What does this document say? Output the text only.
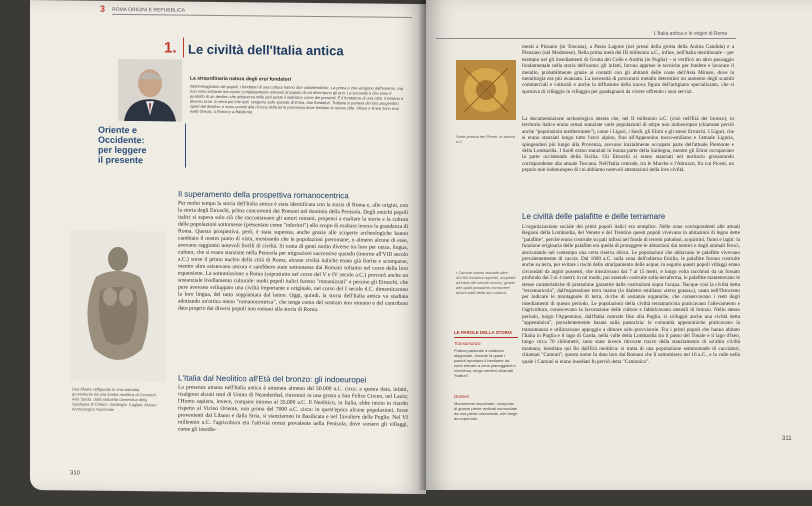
3 ROMA ORIGINI E REPUBBLICA
1. Le civiltà dell'Italia antica
La straordinaria natura degli eroi fondatori
Nell'immaginario dei popoli, i fondatori di una cultura hanno due caratteristiche. La prima è che vengono dall'esterno, ma non sono estranei ma esseri completamente estranei al popolo di cui diverranno gli eroi. La seconda è che sono il prodotto di un destino che attraversa mille peri peste il individuo come dei presenti. È il fondatore di una città, il lontano e diverso eroe. In terra più che tutti, vengono sulle sponde di Enea, due fondatori. Tuttavia si parlava dei loro progenitori, spinti dal destino, e sono uomini alla ricerca della terra promessa dove fondare la nuova città. Ulisse e Enea sono eroi, nella Grecia, a Roma e a Babilonia.
Oriente e
Occidente:
per leggere
il presente
Il superamento della prospettiva romanocentrica
Per molto tempo la storia dell'Italia antica è stata identificata con la storia di Roma e, alle origini, con la storia degli Etruschi, prima concorrenti dei Romani nel dominio della Penisola. Degli antichi popoli italici si sapeva solo ciò che raccontavano gli autori romani, propensi a esaltare la storia e la cultura delle popolazioni sottomesse (presentate come "inferiori") allo scopo di esaltare invece la grandezza di Roma. Questa prospettiva, però, è stata superata, anche grazie alle scoperte archeologiche hanno cambiato il nostro punto di vista, mostrando che le popolazioni preromane, o almeno alcune di esse, avevano raggiunto notevoli livelli di civiltà. Si tratta di genti molto diverse tra loro per razza, lingua, cultura, che si erano stanziate nella Penisola per migrazioni successive quando (intorno all'VIII secolo a.C.) sorse il primo nucleo della città di Roma, alcune civiltà italiche erano già fiorite e scomparse, mentre altre esistevano ancora e sarebbero state sottomesse dai Romani soltanto nel corso della loro espansione. La sottomissione a Roma (soprattutto nel corso del V e IV secolo a.C.) provocò anche un sostanziale livellamento culturale: molti popoli italici furono "romanizzati" e persino gli Etruschi, che pure avevano sviluppato una civiltà importante e originale, nel corso del I secolo d.C. dimenticarono la loro lingua, del tutto soppiantata dal latino. Oggi, quindi, la storia dell'Italia antica va studiata adottando un'ottica meno "romanocentrica", che tenga conto del sostrato non romano e del contributo dato proprio dai diversi popoli non romani alla storia di Roma.
Dea Madre raffigurata in una statuetta proveniente da una tomba neolitica di Cerveteri. Arte Sarda, dalla statuetta domestica della Sardegna di Cefano. Zardinghi, Cagliari, Museo Archeologico Nazionale.
L'Italia dal Neolitico all'Età del bronzo: gli indoeuropei
La presenza umana nell'Italia antica è attestata almeno dal 50.000 a.C. circa: a questa data, infatti, risalgono alcuni resti di Uomo di Neanderthal, rinvenuti in una grotta a San Felice Circeo, nel Lazio; l'Homo sapiens, invece, compare intorno al 35.000 a.C. Il Neolitico, in Italia, ebbe inizio in ritardo rispetto al Vicino Oriente, non prima del 7000 a.C. circa: in quest'epoca alcune popolazioni, forse provenienti dal Libano e dalla Siria, si stanziarono in Basilicata e nel Tavoliere delle Puglie. Nel VI millennio a.C. l'agricoltura era l'attività ormai prevalente nella Penisola, dove sorsero gli villaggi, come gli insedia-
310
L'Italia antica e le origini di Roma
menti a Pinzano (in Toscana), a Passo Lagone (nei pressi della grotta della Anima Candida) e a Pienzano (nel Modenese). Nella prima metà del III millennio a.C., infine, nell'Italia meridionale – per esempio nei gli insediamenti di Grotta del Colle e Andria (in Puglia) – si verificò un altro passaggio fondamentale nella storia dell'uomo: gli infatti, furono apprese le tecniche per fondere e lavorare il metallo, probabilmente grazie ai contatti con gli abitanti delle coste dell'Asia Minore, dove la metallurgia era più avanzata. La necessità di procurarsi metallo determinò un aumento degli scambi commerciali e culturali e anche la diffusione della nuova figura dell'artigiano specializzato, che si spostava di villaggio in villaggio per guadagnarsi da vivere offrendo i suoi servizi.
Sede poema dei Piceni, in secolo a.C.
La documentazione archeologica attesta che, nel II millennio a.C. (cioè nell'Età del bronzo), in territorio italico erano ormai stanziate varie popolazioni di stirpe non indoeuropea (chiamate perciò anche "popolazioni mediterranee"), come i Liguri, i Sardi, gli Elimi e gli stessi Etruschi. I Liguri, che si erano stanziati lungo tutto l'arco alpino, fino all'Appennino tosco-emiliano e l'attuale Liguria, spingendosi più lungo alla Provenza, avevano inizialmente occupato parte dell'attuale Piemonte e della Lombardia. I Sardi erano stanziati in buona parte della Sardegna, mentre gli Elimi occupavano la parte occidentale della Sicilia. Gli Etruschi si erano stanziati nel territorio grossomodo corrispondente alla attuale Toscana. Nell'Italia centrale, tra le Marche e l'Abruzzo, fra cui Piceni, un popolo non indoeuropeo di cui abbiamo notevoli attestazioni della loro civiltà.
Le civiltà delle palafitte e delle terramare
L'organizzazione sociale dei primi popoli italici era semplice. Nelle zone corrispondenti alle attuali Regioni della Lombardia, del Veneto e del Trentino questi popoli vivevano in abitazioni di legno dette "palafitte", perché erano costruite su pali infissi nel fondo di terreni paludosi, acquitrini, fiumi e laghi: la funzione originaria delle palafitte era quella di proteggere le abitazioni dai nemici e dagli animali feroci, assicurando nel contempo una certa riserva idrica. Le popolazioni che abitavano le palafitte vivevano prevalentemente di caccia. Dal 1600 a.C. sulla zona dell'odierna Emilia, le palafitte furono costruite anche su terra, per evitare i rischi dello straripamento delle acque; in seguito questi popoli villaggi erano circondati da argini possenti, che misuravano dai 7 ai 15 metri, e lungo volta racchiusi da un fossato profondo dai 3 ai 4 metri; in tal modo, pur essendo costruite sulla terraferma, le palafitte mantenevano le stesse caratteristiche di protezione garantite dalle costruzioni sopra l'acqua. Nacque così la civiltà detta "terramaricola", dall'espressione terra marna (in dialetto emiliano «terra grassa»), usata nell'Ottocento per indicare le montagnole di terra, ricche di sostanze organiche, che conservavano i resti degli insediamenti di questo periodo. Le popolazioni della civiltà terramaricola praticavano l'allevamento e l'agricoltura, conoscevano la lavorazione delle culture e fabbricavano utensili di bronzo. Nello stesso periodo, lungo l'Appennino, dall'Italia centrale fino alla Puglia, si sviluppò anche una civiltà detta "appenninica", prevalentemente basata sulla pastorizia: le comunità appenniniche praticavano la transumanza e utilizzavano appoggio a dimore solo provvisorie. Fra i primi popoli che hanno abitato l'Italia in Puglia e il lago di Garda, nella valle della Lombardia tra il passo del Tonale e il lago d'Iseo, lungo circa 70 chilometri, sono state invece ritrovate tracce della stanziamento di un'altra civiltà montana, insediata qui fin dall'Età neolitica: si tratta di una popolazione seminomade di cacciatori, chiamati "Camuni", questo nome fu dato loro dai Romani che li sottomisero nel 16 a.C., e la valle nella quale i Camuni si erano insediati fu perciò detta "Camonica".
I Camuni hanno lasciato oltre 40.000 incisioni rupestri, scoperte all'inizio del secolo scorso, grazie alle quali possiamo conoscere alcuni tratti della loro cultura.
LE PAROLE DELLA STORIA
Transumanza
Pratica pastorale a cadenza stagionale, durante la quale i pastori spostano il bestiame da zone elevate a zone pianeggianti e viceversa, lungo sentieri chiamati "tratturi".
Dolmen
Monumento sepolcrale, composto di grosse pietre verticali sormontate da una pietra orizzontale, che funge da coperchio.
311
